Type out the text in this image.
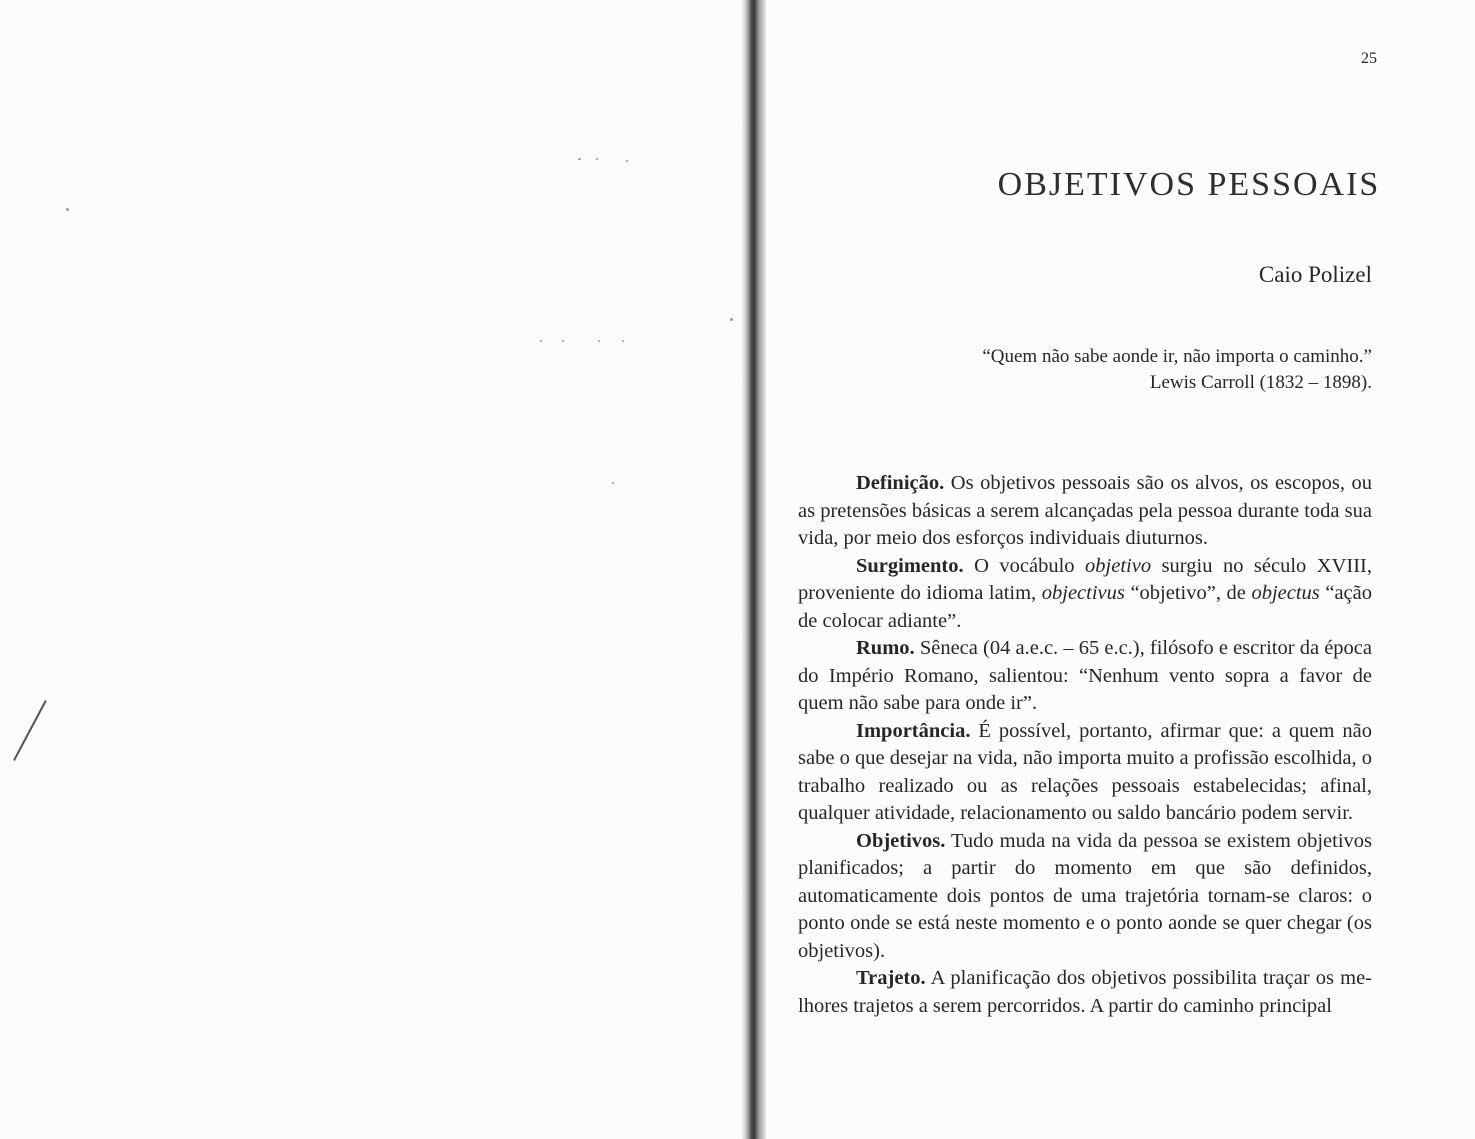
25
OBJETIVOS PESSOAIS
Caio Polizel
“Quem não sabe aonde ir, não importa o caminho.”
Lewis Carroll (1832 – 1898).

Definição. Os objetivos pessoais são os alvos, os escopos, ou as pretensões básicas a serem alcançadas pela pessoa durante toda sua vida, por meio dos esforços individuais diuturnos.

Surgimento. O vocábulo objetivo surgiu no século XVIII, proveniente do idioma latim, objectivus “objetivo”, de objectus “ação de colocar adiante”.

Rumo. Sêneca (04 a.e.c. – 65 e.c.), filósofo e escritor da época do Império Romano, salientou: “Nenhum vento sopra a favor de quem não sabe para onde ir”.

Importância. É possível, portanto, afirmar que: a quem não sabe o que desejar na vida, não importa muito a profissão escolhida, o trabalho realizado ou as relações pessoais estabelecidas; afinal, qualquer atividade, relacionamento ou saldo bancário podem servir.

Objetivos. Tudo muda na vida da pessoa se existem objetivos planificados; a partir do momento em que são definidos, automaticamente dois pontos de uma trajetória tornam-se claros: o ponto onde se está neste momento e o ponto aonde se quer chegar (os objetivos).

Trajeto. A planificação dos objetivos possibilita traçar os melhores trajetos a serem percorridos. A partir do caminho principal
